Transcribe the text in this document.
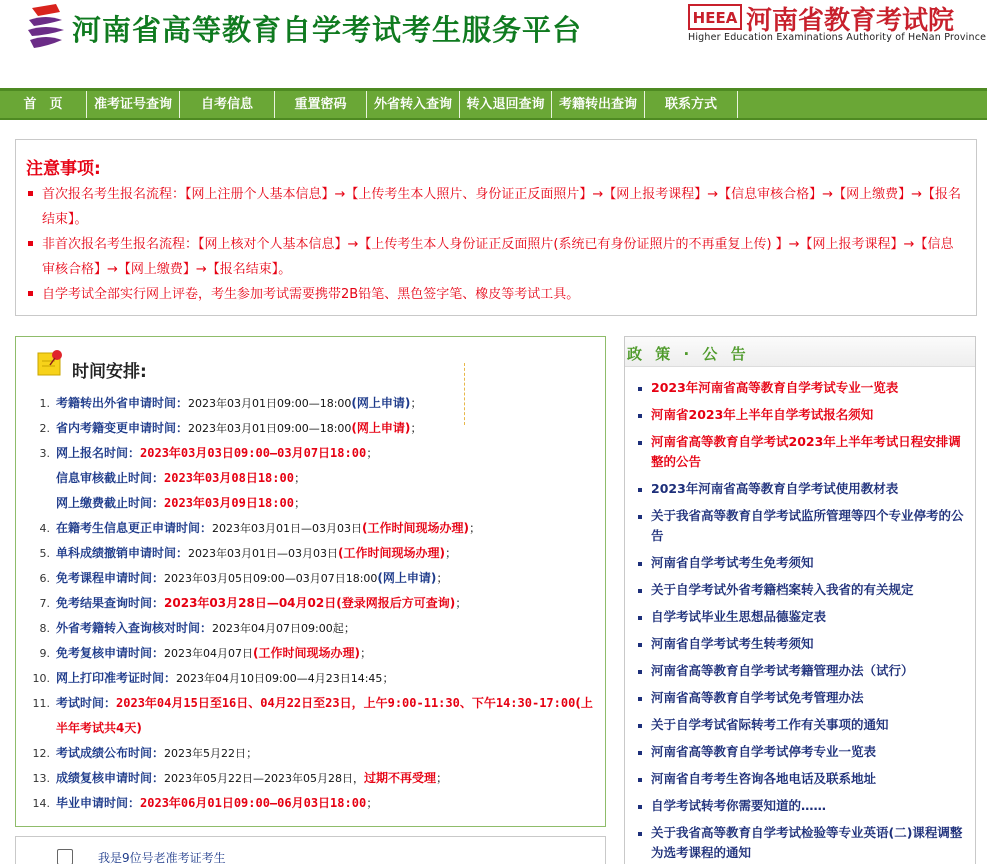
河南省高等教育自学考试考生服务平台	HEEA 河南省教育考试院
Higher Education Examinations Authority of HeNan Province
首　页	准考证号查询	自考信息	重置密码	外省转入查询	转入退回查询	考籍转出查询	联系方式
注意事项:
首次报名考生报名流程：【网上注册个人基本信息】→【上传考生本人照片、身份证正反面照片】→【网上报考课程】→【信息审核合格】→【网上缴费】→【报名结束】。
非首次报名考生报名流程：【网上核对个人基本信息】→【上传考生本人身份证正反面照片(系统已有身份证照片的不再重复上传) 】→【网上报考课程】→【信息审核合格】→【网上缴费】→【报名结束】。
自学考试全部实行网上评卷，考生参加考试需要携带2B铅笔、黑色签字笔、橡皮等考试工具。
时间安排:
1. 考籍转出外省申请时间：2023年03月01日09:00—18:00(网上申请)；
2. 省内考籍变更申请时间：2023年03月01日09:00—18:00(网上申请)；
3. 网上报名时间：2023年03月03日09:00—03月07日18:00；
信息审核截止时间：2023年03月08日18:00；
网上缴费截止时间：2023年03月09日18:00；
4. 在籍考生信息更正申请时间：2023年03月01日—03月03日(工作时间现场办理)；
5. 单科成绩撤销申请时间：2023年03月01日—03月03日(工作时间现场办理)；
6. 免考课程申请时间：2023年03月05日09:00—03月07日18:00(网上申请)；
7. 免考结果查询时间：2023年03月28日—04月02日(登录网报后方可查询)；
8. 外省考籍转入查询核对时间：2023年04月07日09:00起；
9. 免考复核申请时间：2023年04月07日(工作时间现场办理)；
10. 网上打印准考证时间：2023年04月10日09:00—4月23日14:45；
11. 考试时间：2023年04月15日至16日、04月22日至23日，上午9:00-11:30、下午14:30-17:00(上半年考试共4天)
12. 考试成绩公布时间：2023年5月22日；
13. 成绩复核申请时间：2023年05月22日—2023年05月28日，过期不再受理；
14. 毕业申请时间：2023年06月01日09:00—06月03日18:00；
我是9位号老准考证考生
政 策 · 公 告
2023年河南省高等教育自学考试专业一览表
河南省2023年上半年自学考试报名须知
河南省高等教育自学考试2023年上半年考试日程安排调整的公告
2023年河南省高等教育自学考试使用教材表
关于我省高等教育自学考试监所管理等四个专业停考的公告
河南省自学考试考生免考须知
关于自学考试外省考籍档案转入我省的有关规定
自学考试毕业生思想品德鉴定表
河南省自学考试考生转考须知
河南省高等教育自学考试考籍管理办法（试行）
河南省高等教育自学考试免考管理办法
关于自学考试省际转考工作有关事项的通知
河南省高等教育自学考试停考专业一览表
河南省自考考生咨询各地电话及联系地址
自学考试转考你需要知道的……
关于我省高等教育自学考试检验等专业英语(二)课程调整为选考课程的通知
